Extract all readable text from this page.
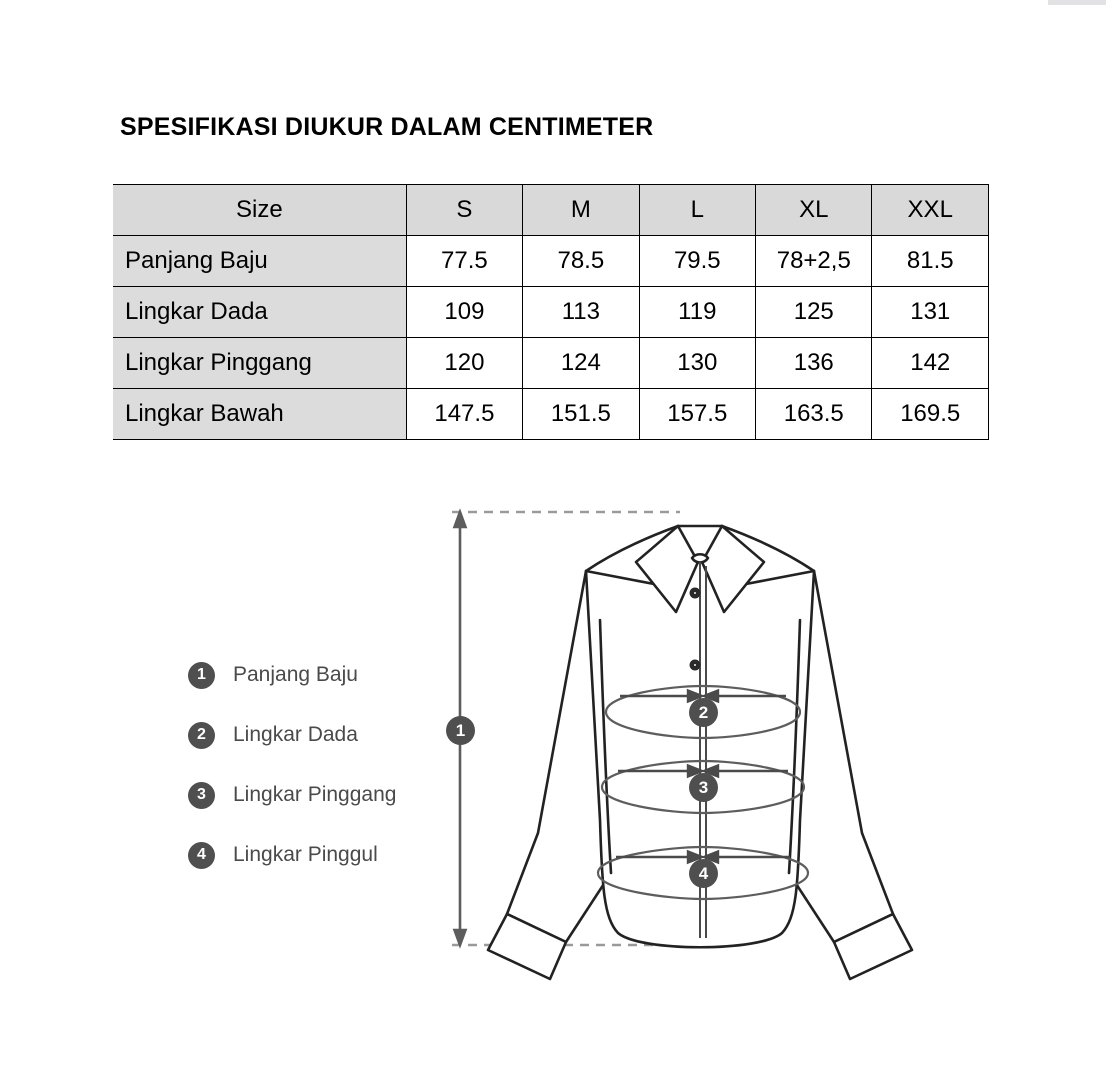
SPESIFIKASI DIUKUR DALAM CENTIMETER
Size	S	M	L	XL	XXL
Panjang Baju	77.5	78.5	79.5	78+2,5	81.5
Lingkar Dada	109	113	119	125	131
Lingkar Pinggang	120	124	130	136	142
Lingkar Bawah	147.5	151.5	157.5	163.5	169.5
1	Panjang Baju
2	Lingkar Dada
3	Lingkar Pinggang
4	Lingkar Pinggul
1
2
3
4
